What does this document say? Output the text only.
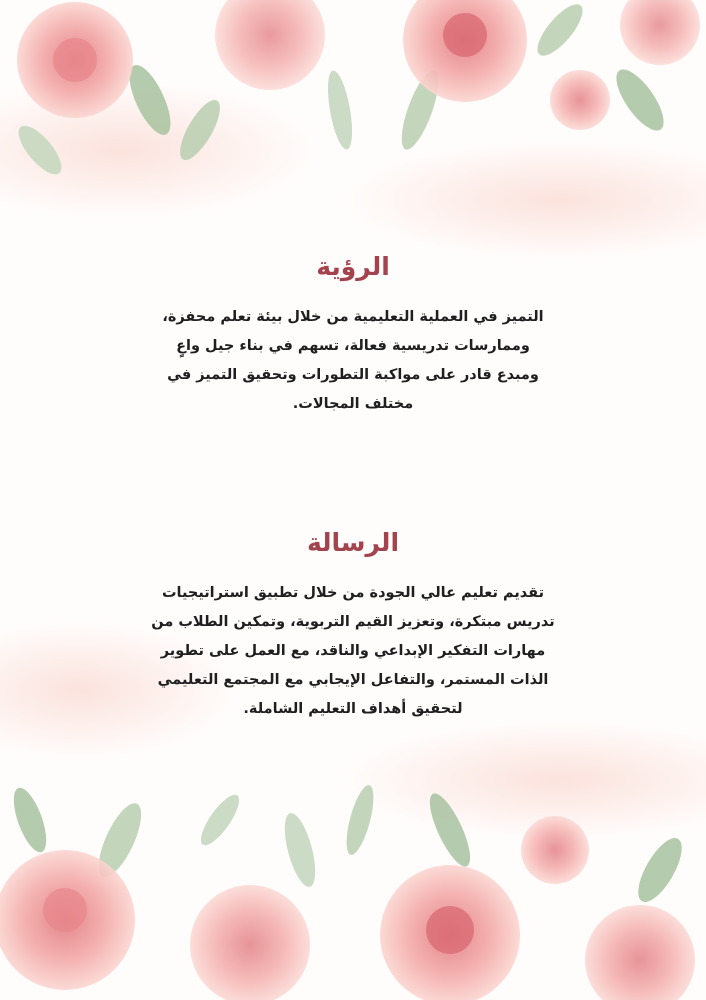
الرؤية

التميز في العملية التعليمية من خلال بيئة تعلم محفزة،
وممارسات تدريسية فعالة، تسهم في بناء جيل واعٍ
ومبدع قادر على مواكبة التطورات وتحقيق التميز في
مختلف المجالات.

الرسالة

تقديم تعليم عالي الجودة من خلال تطبيق استراتيجيات
تدريس مبتكرة، وتعزيز القيم التربوية، وتمكين الطلاب من
مهارات التفكير الإبداعي والناقد، مع العمل على تطوير
الذات المستمر، والتفاعل الإيجابي مع المجتمع التعليمي
لتحقيق أهداف التعليم الشاملة.
